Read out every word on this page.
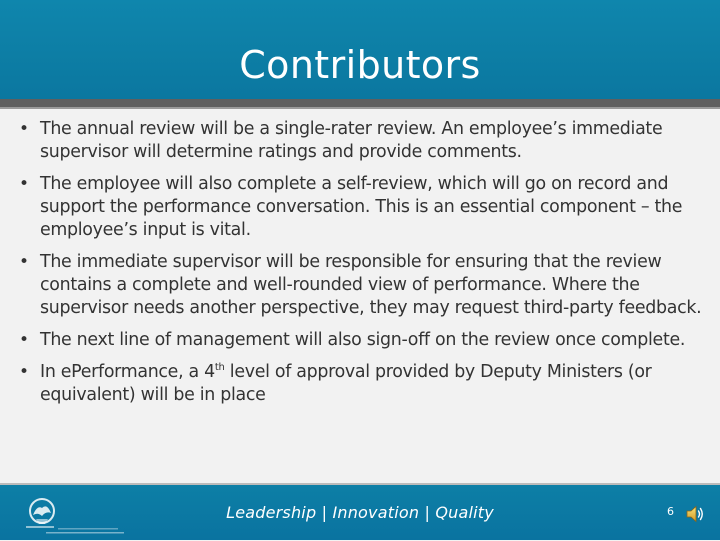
Contributors
• The annual review will be a single-rater review. An employee’s immediate supervisor will determine ratings and provide comments.
• The employee will also complete a self-review, which will go on record and support the performance conversation. This is an essential component – the employee’s input is vital.
• The immediate supervisor will be responsible for ensuring that the review contains a complete and well-rounded view of performance. Where the supervisor needs another perspective, they may request third-party feedback.
• The next line of management will also sign-off on the review once complete.
• In ePerformance, a 4th level of approval provided by Deputy Ministers (or equivalent) will be in place
Leadership | Innovation | Quality	6
